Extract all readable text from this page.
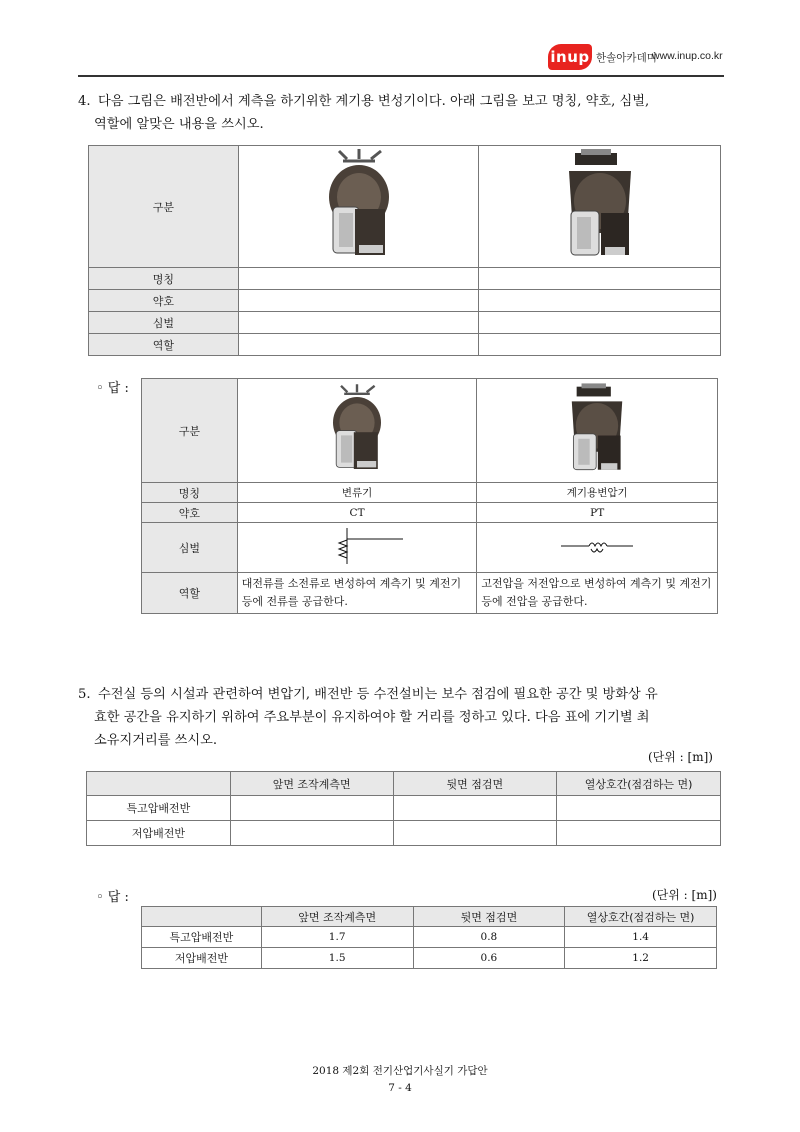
inup 한솔아카데미
www.inup.co.kr
4. 다음 그림은 배전반에서 계측을 하기위한 계기용 변성기이다. 아래 그림을 보고 명칭, 약호, 심벌,
역할에 알맞은 내용을 쓰시오.
구분		
명칭		
약호		
심벌		
역할		
◦ 답 :
구분		
명칭	변류기	계기용변압기
약호	CT	PT
심벌		
역할	대전류를 소전류로 변성하여 계측기 및 계전기 등에 전류를 공급한다.	고전압을 저전압으로 변성하여 계측기 및 계전기 등에 전압을 공급한다.
5. 수전실 등의 시설과 관련하여 변압기, 배전반 등 수전설비는 보수 점검에 필요한 공간 및 방화상 유
효한 공간을 유지하기 위하여 주요부분이 유지하여야 할 거리를 정하고 있다. 다음 표에 기기별 최
소유지거리를 쓰시오.
(단위 : [m])
	앞면 조작계측면	뒷면 점검면	열상호간(점검하는 면)
특고압배전반			
저압배전반			
◦ 답 :	(단위 : [m])
	앞면 조작계측면	뒷면 점검면	열상호간(점검하는 면)
특고압배전반	1.7	0.8	1.4
저압배전반	1.5	0.6	1.2
2018 제2회 전기산업기사실기 가답안
7 - 4
